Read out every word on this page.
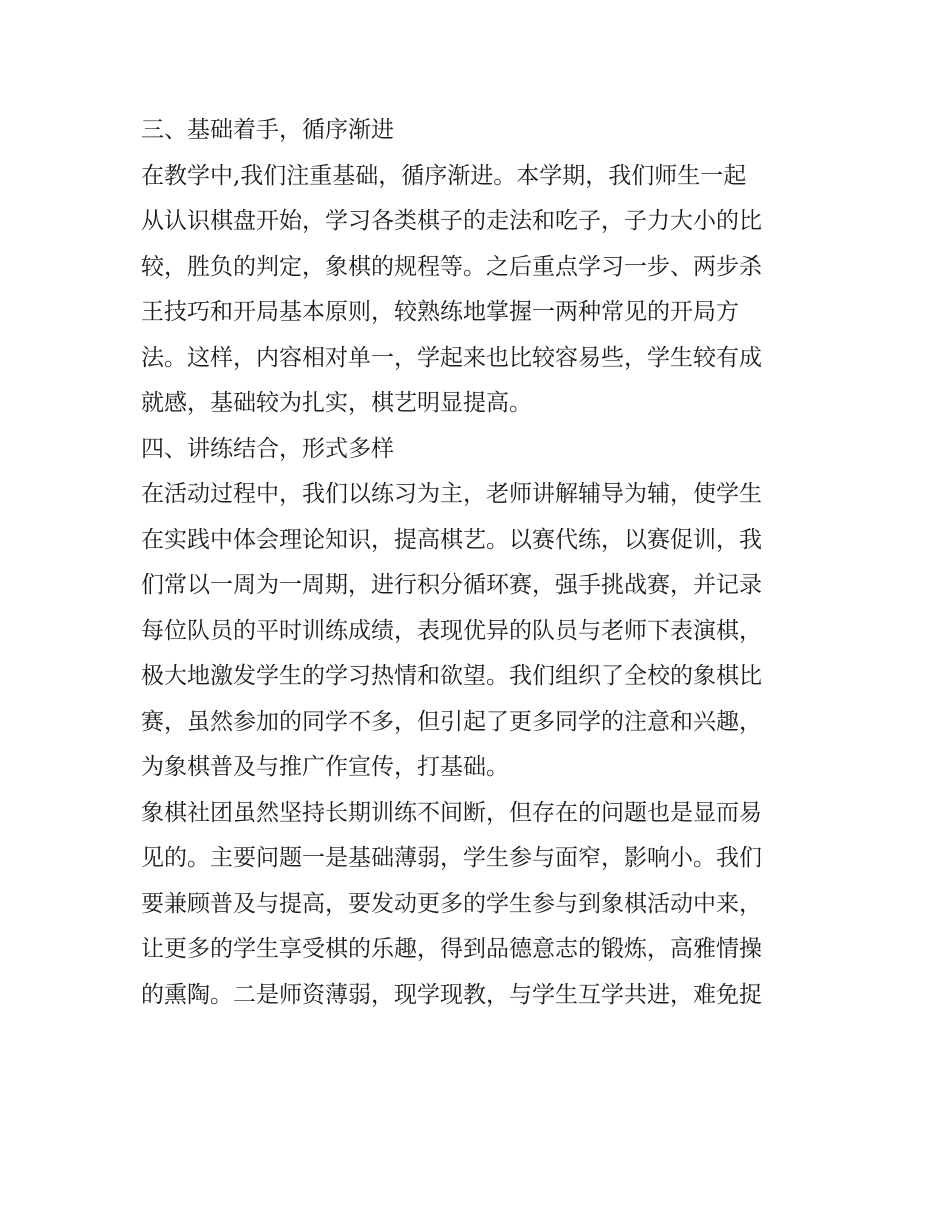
三、基础着手，循序渐进
在教学中,我们注重基础，循序渐进。本学期，我们师生一起
从认识棋盘开始，学习各类棋子的走法和吃子，子力大小的比
较，胜负的判定，象棋的规程等。之后重点学习一步、两步杀
王技巧和开局基本原则，较熟练地掌握一两种常见的开局方
法。这样，内容相对单一，学起来也比较容易些，学生较有成
就感，基础较为扎实，棋艺明显提高。
四、讲练结合，形式多样
在活动过程中，我们以练习为主，老师讲解辅导为辅，使学生
在实践中体会理论知识，提高棋艺。以赛代练，以赛促训，我
们常以一周为一周期，进行积分循环赛，强手挑战赛，并记录
每位队员的平时训练成绩，表现优异的队员与老师下表演棋，
极大地激发学生的学习热情和欲望。我们组织了全校的象棋比
赛，虽然参加的同学不多，但引起了更多同学的注意和兴趣，
为象棋普及与推广作宣传，打基础。
象棋社团虽然坚持长期训练不间断，但存在的问题也是显而易
见的。主要问题一是基础薄弱，学生参与面窄，影响小。我们
要兼顾普及与提高，要发动更多的学生参与到象棋活动中来，
让更多的学生享受棋的乐趣，得到品德意志的锻炼，高雅情操
的熏陶。二是师资薄弱，现学现教，与学生互学共进，难免捉
